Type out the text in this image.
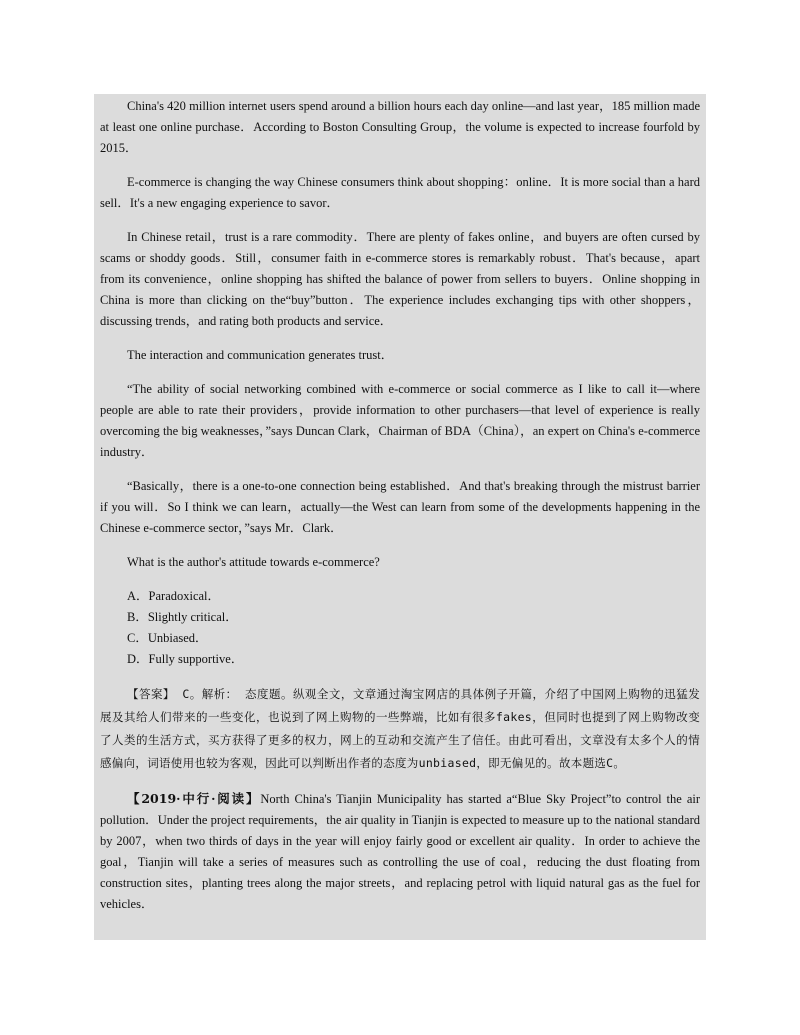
China's 420 million internet users spend around a billion hours each day online—and last year，185 million made at least one online purchase．According to Boston Consulting Group，the volume is expected to increase fourfold by 2015．

E-commerce is changing the way Chinese consumers think about shopping：online．It is more social than a hard sell．It's a new engaging experience to savor．

In Chinese retail，trust is a rare commodity．There are plenty of fakes online，and buyers are often cursed by scams or shoddy goods．Still，consumer faith in e-commerce stores is remarkably robust．That's because，apart from its convenience，online shopping has shifted the balance of power from sellers to buyers．Online shopping in China is more than clicking on the“buy”button．The experience includes exchanging tips with other shoppers，discussing trends，and rating both products and service．

The interaction and communication generates trust．

“The ability of social networking combined with e-commerce or social commerce as I like to call it—where people are able to rate their providers，provide information to other purchasers—that level of experience is really overcoming the big weaknesses，”says Duncan Clark，Chairman of BDA（China），an expert on China's e-commerce industry．

“Basically，there is a one-to-one connection being established．And that's breaking through the mistrust barrier if you will．So I think we can learn，actually—the West can learn from some of the developments happening in the Chinese e-commerce sector，”says Mr．Clark．

What is the author's attitude towards e-commerce?

A．Paradoxical．
B．Slightly critical．
C．Unbiased．
D．Fully supportive．

【答案】 C。解析： 态度题。纵观全文，文章通过淘宝网店的具体例子开篇，介绍了中国网上购物的迅猛发展及其给人们带来的一些变化，也说到了网上购物的一些弊端，比如有很多fakes，但同时也提到了网上购物改变了人类的生活方式，买方获得了更多的权力，网上的互动和交流产生了信任。由此可看出，文章没有太多个人的情感偏向，词语使用也较为客观，因此可以判断出作者的态度为unbiased，即无偏见的。故本题选C。

【2019·中行·阅读】North China's Tianjin Municipality has started a“Blue Sky Project”to control the air pollution．Under the project requirements，the air quality in Tianjin is expected to measure up to the national standard by 2007，when two thirds of days in the year will enjoy fairly good or excellent air quality．In order to achieve the goal，Tianjin will take a series of measures such as controlling the use of coal，reducing the dust floating from construction sites，planting trees along the major streets，and replacing petrol with liquid natural gas as the fuel for vehicles．
